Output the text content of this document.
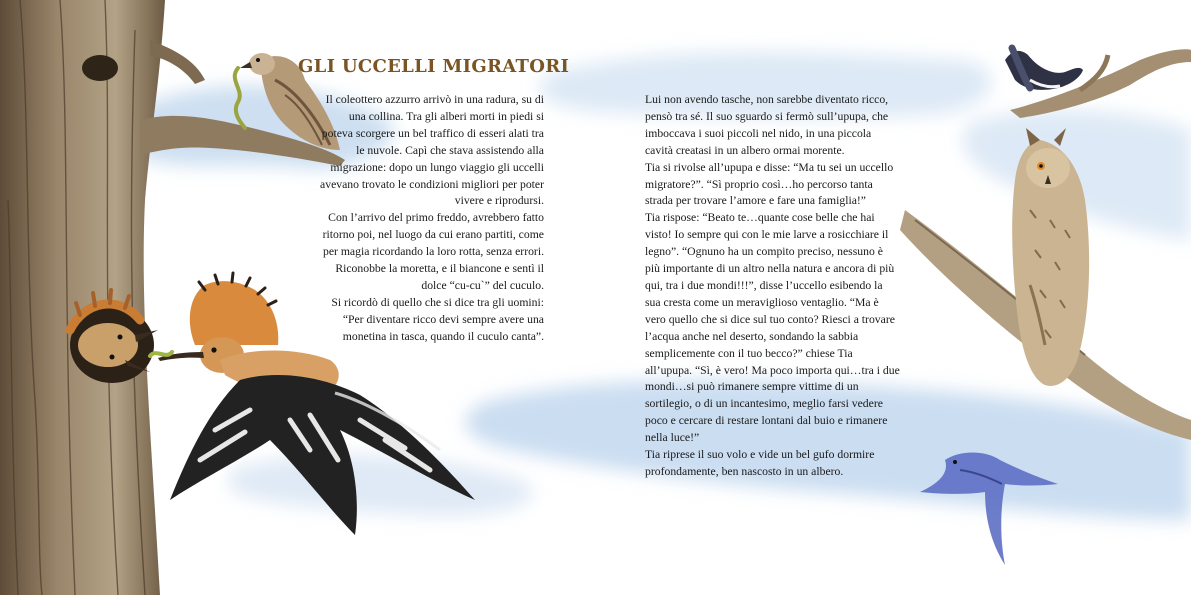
GLI UCCELLI MIGRATORI

Il coleottero azzurro arrivò in una radura, su di una collina. Tra gli alberi morti in piedi si poteva scorgere un bel traffico di esseri alati tra le nuvole. Capì che stava assistendo alla migrazione: dopo un lungo viaggio gli uccelli avevano trovato le condizioni migliori per poter vivere e riprodursi.

Con l’arrivo del primo freddo, avrebbero fatto ritorno poi, nel luogo da cui erano partiti, come per magia ricordando la loro rotta, senza errori.

Riconobbe la moretta, e il biancone e sentì il dolce “cu-cu`” del cuculo.

Si ricordò di quello che si dice tra gli uomini: “Per diventare ricco devi sempre avere una monetina in tasca, quando il cuculo canta”.

Lui non avendo tasche, non sarebbe diventato ricco, pensò tra sé. Il suo sguardo si fermò sull’upupa, che imboccava i suoi piccoli nel nido, in una piccola cavità creatasi in un albero ormai morente.

Tia si rivolse all’upupa e disse: “Ma tu sei un uccello migratore?”. “Sì proprio così…ho percorso tanta strada per trovare l’amore e fare una famiglia!”

Tia rispose: “Beato te…quante cose belle che hai visto! Io sempre qui con le mie larve a rosicchiare il legno”. “Ognuno ha un compito preciso, nessuno è più importante di un altro nella natura e ancora di più qui, tra i due mondi!!!”, disse l’uccello esibendo la sua cresta come un meraviglioso ventaglio. “Ma è vero quello che si dice sul tuo conto? Riesci a trovare l’acqua anche nel deserto, sondando la sabbia semplicemente con il tuo becco?” chiese Tia all’upupa. “Sì, è vero! Ma poco importa qui…tra i due mondi…si può rimanere sempre vittime di un sortilegio, o di un incantesimo, meglio farsi vedere poco e cercare di restare lontani dal buio e rimanere nella luce!”

Tia riprese il suo volo e vide un bel gufo dormire profondamente, ben nascosto in un albero.
